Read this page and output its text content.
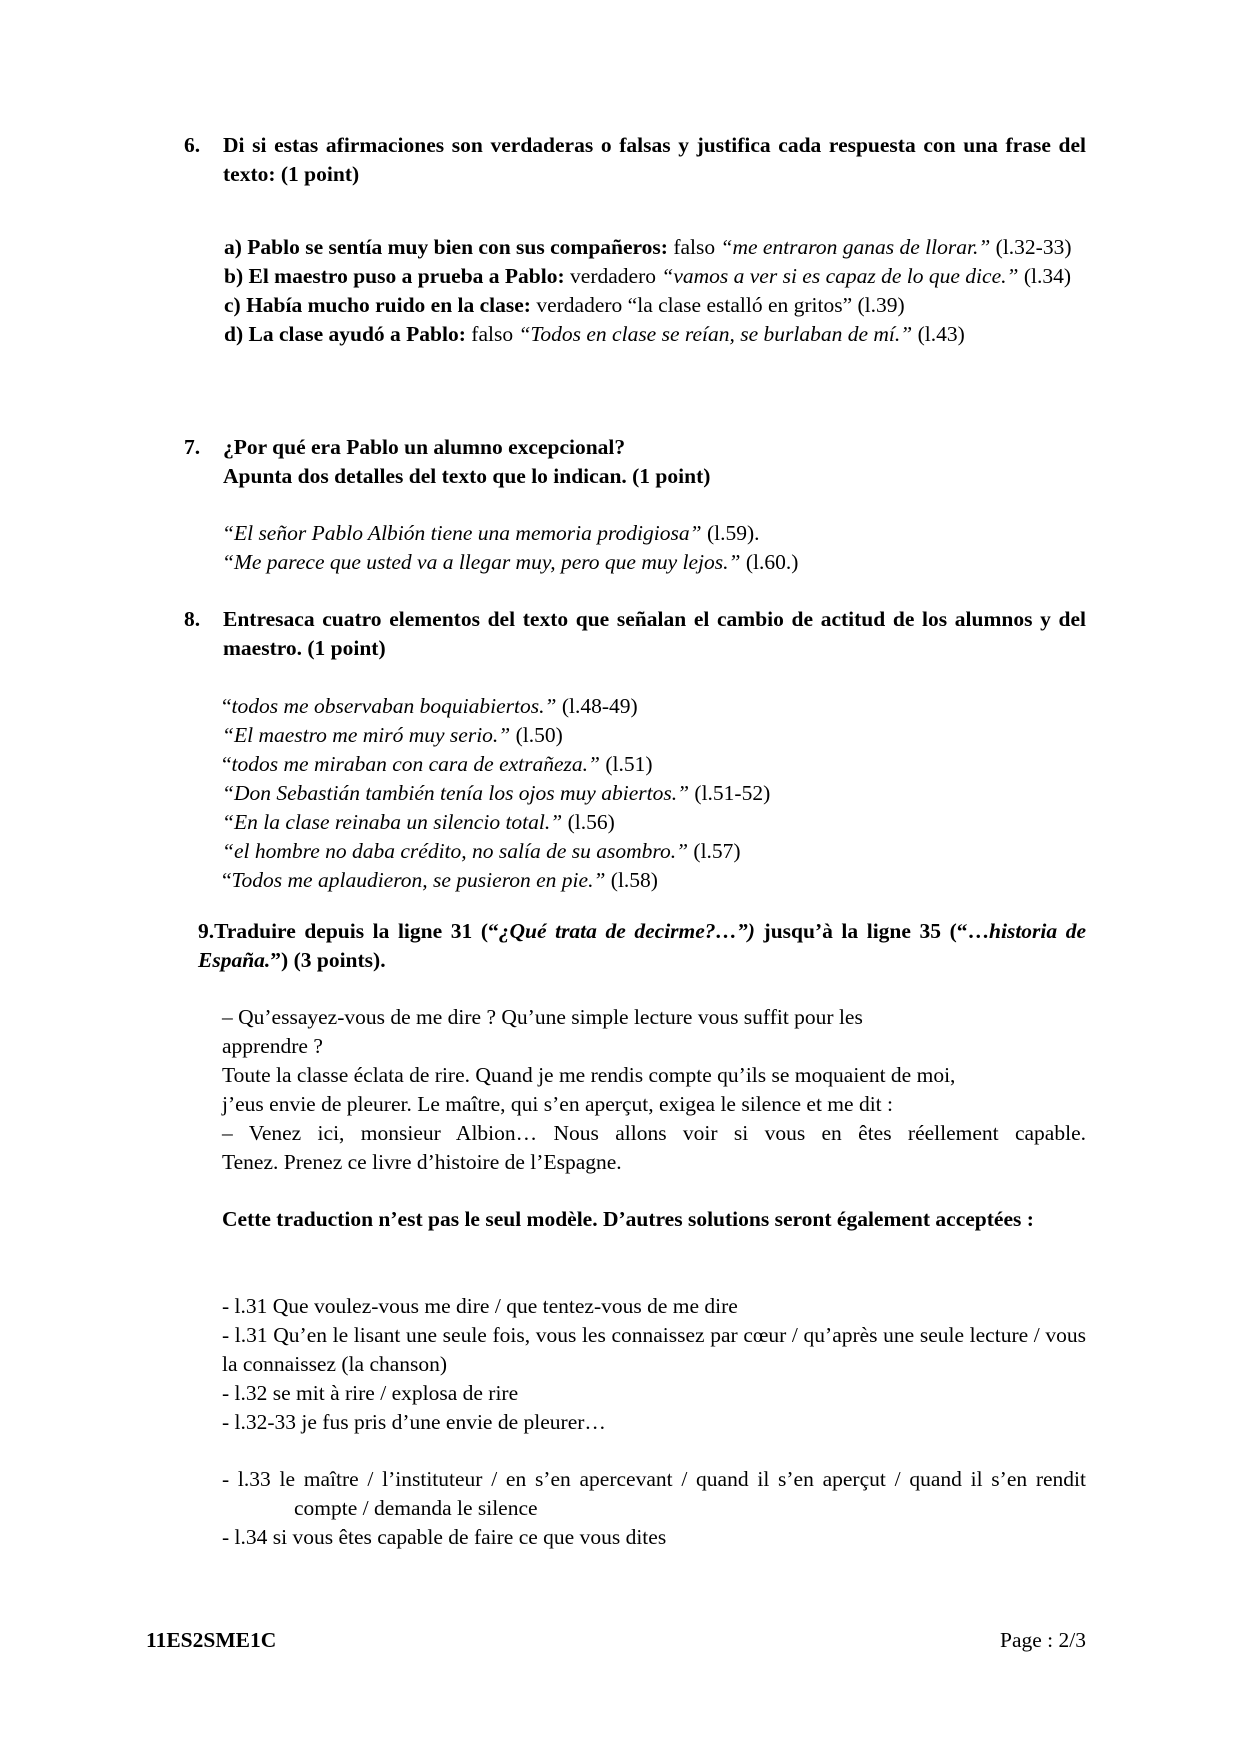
6.	Di si estas afirmaciones son verdaderas o falsas y justifica cada respuesta con una frase del texto: (1 point)
a) Pablo se sentía muy bien con sus compañeros: falso “me entraron ganas de llorar.” (l.32-33)
b) El maestro puso a prueba a Pablo: verdadero “vamos a ver si es capaz de lo que dice.” (l.34)
c) Había mucho ruido en la clase: verdadero “la clase estalló en gritos” (l.39)
d) La clase ayudó a Pablo: falso “Todos en clase se reían, se burlaban de mí.” (l.43)
7.	¿Por qué era Pablo un alumno excepcional?
Apunta dos detalles del texto que lo indican. (1 point)
“El señor Pablo Albión tiene una memoria prodigiosa” (l.59).
“Me parece que usted va a llegar muy, pero que muy lejos.” (l.60.)
8.	Entresaca cuatro elementos del texto que señalan el cambio de actitud de los alumnos y del maestro. (1 point)
“todos me observaban boquiabiertos.” (l.48-49)
“El maestro me miró muy serio.” (l.50)
“todos me miraban con cara de extrañeza.” (l.51)
“Don Sebastián también tenía los ojos muy abiertos.” (l.51-52)
“En la clase reinaba un silencio total.” (l.56)
“el hombre no daba crédito, no salía de su asombro.” (l.57)
“Todos me aplaudieron, se pusieron en pie.” (l.58)
9.Traduire depuis la ligne 31 (“¿Qué trata de decirme?…”) jusqu’à la ligne 35 (“…historia de España.”) (3 points).
– Qu’essayez-vous de me dire ? Qu’une simple lecture vous suffit pour les
apprendre ?
Toute la classe éclata de rire. Quand je me rendis compte qu’ils se moquaient de moi,
j’eus envie de pleurer. Le maître, qui s’en aperçut, exigea le silence et me dit :
– Venez ici, monsieur Albion… Nous allons voir si vous en êtes réellement capable.
Tenez. Prenez ce livre d’histoire de l’Espagne.
Cette traduction n’est pas le seul modèle. D’autres solutions seront également acceptées :
- l.31 Que voulez-vous me dire / que tentez-vous de me dire
- l.31 Qu’en le lisant une seule fois, vous les connaissez par cœur / qu’après une seule lecture / vous la connaissez (la chanson)
- l.32 se mit à rire / explosa de rire
- l.32-33 je fus pris d’une envie de pleurer…
- l.33 le maître / l’instituteur / en s’en apercevant / quand il s’en aperçut / quand il s’en rendit compte / demanda le silence
- l.34 si vous êtes capable de faire ce que vous dites
11ES2SME1C	Page : 2/3
